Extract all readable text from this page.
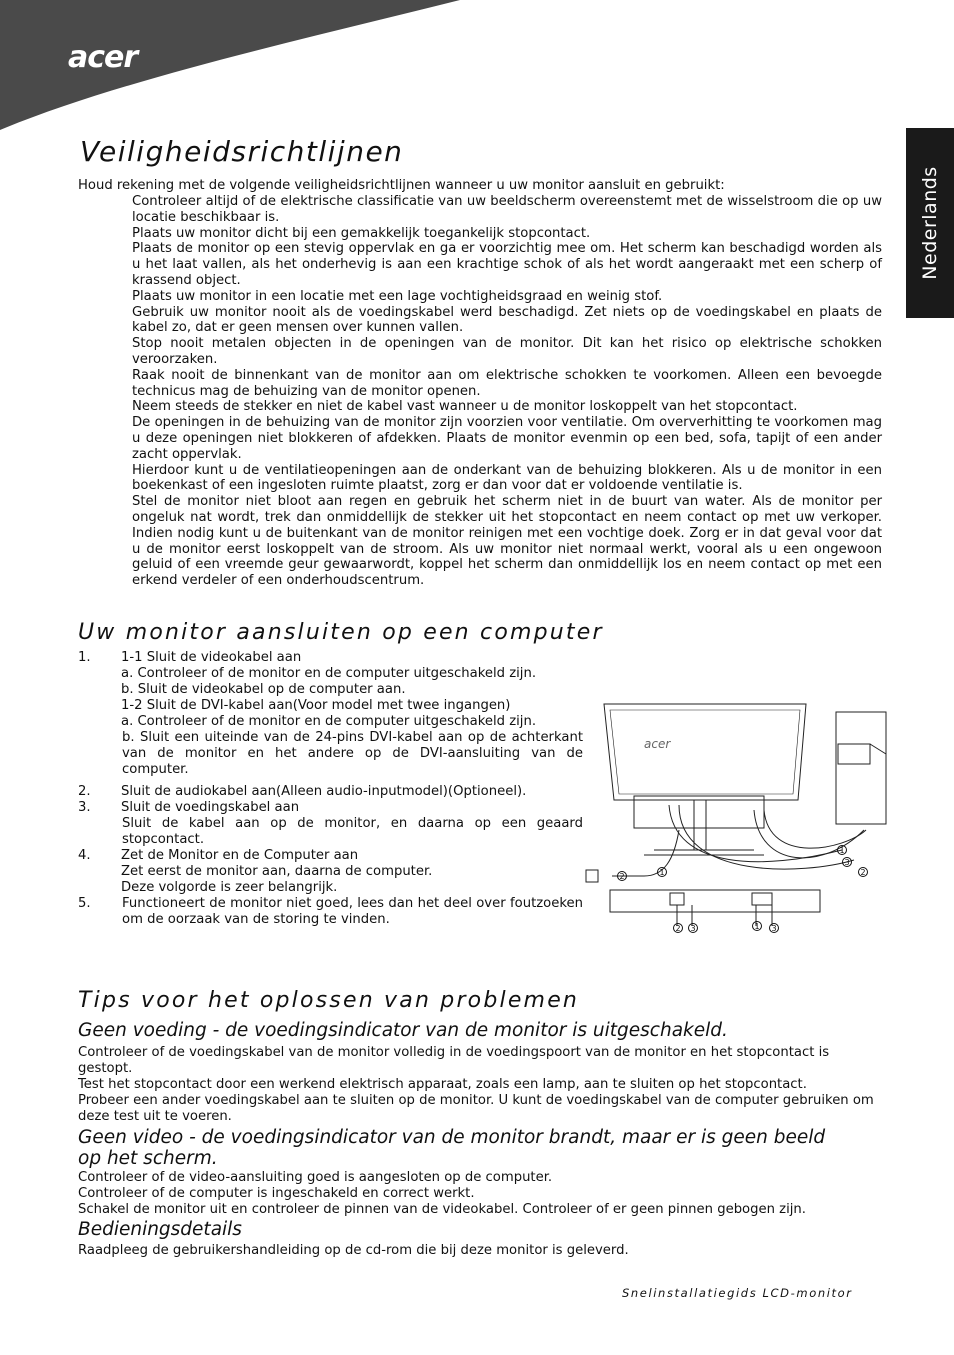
acer
Nederlands
Veiligheidsrichtlijnen

Houd rekening met de volgende veiligheidsrichtlijnen wanneer u uw monitor aansluit en gebruikt:

Controleer altijd of de elektrische classificatie van uw beeldscherm overeenstemt met de wisselstroom die op uw locatie beschikbaar is.
Plaats uw monitor dicht bij een gemakkelijk toegankelijk stopcontact.
Plaats de monitor op een stevig oppervlak en ga er voorzichtig mee om. Het scherm kan beschadigd worden als u het laat vallen, als het onderhevig is aan een krachtige schok of als het wordt aangeraakt met een scherp of krassend object.
Plaats uw monitor in een locatie met een lage vochtigheidsgraad en weinig stof.
Gebruik uw monitor nooit als de voedingskabel werd beschadigd. Zet niets op de voedingskabel en plaats de kabel zo, dat er geen mensen over kunnen vallen.
Stop nooit metalen objecten in de openingen van de monitor. Dit kan het risico op elektrische schokken veroorzaken.
Raak nooit de binnenkant van de monitor aan om elektrische schokken te voorkomen. Alleen een bevoegde technicus mag de behuizing van de monitor openen.
Neem steeds de stekker en niet de kabel vast wanneer u de monitor loskoppelt van het stopcontact.
De openingen in de behuizing van de monitor zijn voorzien voor ventilatie. Om oververhitting te voorkomen mag u deze openingen niet blokkeren of afdekken. Plaats de monitor evenmin op een bed, sofa, tapijt of een ander zacht oppervlak.
Hierdoor kunt u de ventilatieopeningen aan de onderkant van de behuizing blokkeren. Als u de monitor in een boekenkast of een ingesloten ruimte plaatst, zorg er dan voor dat er voldoende ventilatie is.
Stel de monitor niet bloot aan regen en gebruik het scherm niet in de buurt van water. Als de monitor per ongeluk nat wordt, trek dan onmiddellijk de stekker uit het stopcontact en neem contact op met uw verkoper. Indien nodig kunt u de buitenkant van de monitor reinigen met een vochtige doek. Zorg er in dat geval voor dat u de monitor eerst loskoppelt van de stroom. Als uw monitor niet normaal werkt, vooral als u een ongewoon geluid of een vreemde geur gewaarwordt, koppel het scherm dan onmiddellijk los en neem contact op met een erkend verdeler of een onderhoudscentrum.
Uw monitor aansluiten op een computer
1.	1-1 Sluit de videokabel aan
a. Controleer of de monitor en de computer uitgeschakeld zijn.
b. Sluit de videokabel op de computer aan.
1-2 Sluit de DVI-kabel aan(Voor model met twee ingangen)
a. Controleer of de monitor en de computer uitgeschakeld zijn.
b. Sluit een uiteinde van de 24-pins DVI-kabel aan op de achterkant van de monitor en het andere op de DVI-aansluiting van de computer.
2.	Sluit de audiokabel aan(Alleen audio-inputmodel)(Optioneel).
3.	Sluit de voedingskabel aan
Sluit de kabel aan op de monitor, en daarna op een geaard stopcontact.
4.	Zet de Monitor en de Computer aan
Zet eerst de monitor aan, daarna de computer.
Deze volgorde is zeer belangrijk.
5.	Functioneert de monitor niet goed, lees dan het deel over foutzoeken om de oorzaak van de storing te vinden.
acer
1
2
3
1
2 3	1 3
2
Tips voor het oplossen van problemen
Geen voeding - de voedingsindicator van de monitor is uitgeschakeld.
Controleer of de voedingskabel van de monitor volledig in de voedingspoort van de monitor en het stopcontact is gestopt.
Test het stopcontact door een werkend elektrisch apparaat, zoals een lamp, aan te sluiten op het stopcontact.
Probeer een ander voedingskabel aan te sluiten op de monitor. U kunt de voedingskabel van de computer gebruiken om deze test uit te voeren.
Geen video - de voedingsindicator van de monitor brandt, maar er is geen beeld
op het scherm.
Controleer of de video-aansluiting goed is aangesloten op de computer.
Controleer of de computer is ingeschakeld en correct werkt.
Schakel de monitor uit en controleer de pinnen van de videokabel. Controleer of er geen pinnen gebogen zijn.
Bedieningsdetails
Raadpleeg de gebruikershandleiding op de cd-rom die bij deze monitor is geleverd.
Snelinstallatiegids LCD-monitor
